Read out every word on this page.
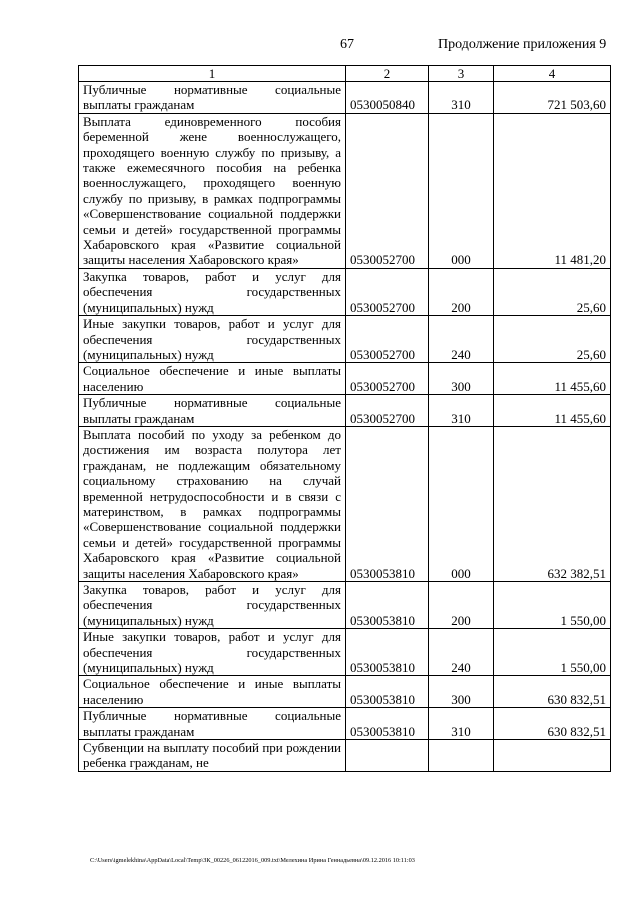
67	Продолжение приложения 9
1	2	3	4
Публичные нормативные социальные выплаты гражданам	0530050840	310	721 503,60
Выплата единовременного пособия беременной жене военнослужащего, проходящего военную службу по призыву, а также ежемесячного пособия на ребенка военнослужащего, проходящего военную службу по призыву, в рамках подпрограммы «Совершенствование социальной поддержки семьи и детей» государственной программы Хабаровского края «Развитие социальной защиты населения Хабаровского края»	0530052700	000	11 481,20
Закупка товаров, работ и услуг для обеспечения государственных (муниципальных) нужд	0530052700	200	25,60
Иные закупки товаров, работ и услуг для обеспечения государственных (муниципальных) нужд	0530052700	240	25,60
Социальное обеспечение и иные выплаты населению	0530052700	300	11 455,60
Публичные нормативные социальные выплаты гражданам	0530052700	310	11 455,60
Выплата пособий по уходу за ребенком до достижения им возраста полутора лет гражданам, не подлежащим обязательному социальному страхованию на случай временной нетрудоспособности и в связи с материнством, в рамках подпрограммы «Совершенствование социальной поддержки семьи и детей» государственной программы Хабаровского края «Развитие социальной защиты населения Хабаровского края»	0530053810	000	632 382,51
Закупка товаров, работ и услуг для обеспечения государственных (муниципальных) нужд	0530053810	200	1 550,00
Иные закупки товаров, работ и услуг для обеспечения государственных (муниципальных) нужд	0530053810	240	1 550,00
Социальное обеспечение и иные выплаты населению	0530053810	300	630 832,51
Публичные нормативные социальные выплаты гражданам	0530053810	310	630 832,51
Субвенции на выплату пособий при рождении ребенка гражданам, не			
C:\Users\igmelekhina\AppData\Local\Temp\ЗК_00226_06122016_009.txt\Мелехина Ирина Геннадьевна\09.12.2016 10:11:03
